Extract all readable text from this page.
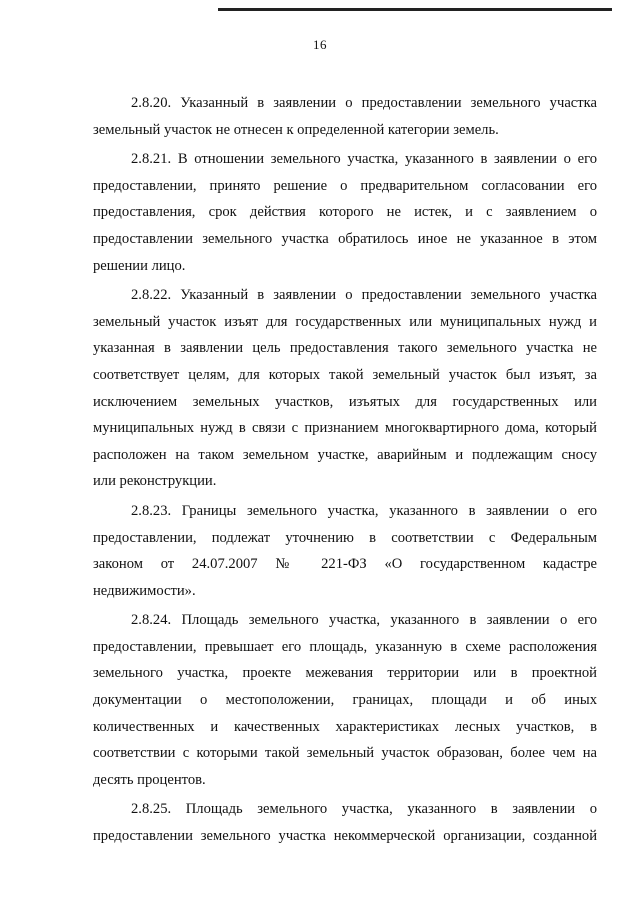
16

2.8.20. Указанный в заявлении о предоставлении земельного участка
земельный участок не отнесен к определенной категории земель.

2.8.21. В отношении земельного участка, указанного в заявлении о его
предоставлении, принято решение о предварительном согласовании его
предоставления, срок действия которого не истек, и с заявлением о
предоставлении земельного участка обратилось иное не указанное в этом
решении лицо.

2.8.22. Указанный в заявлении о предоставлении земельного участка
земельный участок изъят для государственных или муниципальных нужд и
указанная в заявлении цель предоставления такого земельного участка не
соответствует целям, для которых такой земельный участок был изъят, за
исключением земельных участков, изъятых для государственных или
муниципальных нужд в связи с признанием многоквартирного дома, который
расположен на таком земельном участке, аварийным и подлежащим сносу
или реконструкции.

2.8.23. Границы земельного участка, указанного в заявлении о его
предоставлении, подлежат уточнению в соответствии с Федеральным
законом от 24.07.2007 № 221-ФЗ «О государственном кадастре
недвижимости».

2.8.24. Площадь земельного участка, указанного в заявлении о его
предоставлении, превышает его площадь, указанную в схеме расположения
земельного участка, проекте межевания территории или в проектной
документации о местоположении, границах, площади и об иных
количественных и качественных характеристиках лесных участков, в
соответствии с которыми такой земельный участок образован, более чем на
десять процентов.

2.8.25. Площадь земельного участка, указанного в заявлении о
предоставлении земельного участка некоммерческой организации, созданной
